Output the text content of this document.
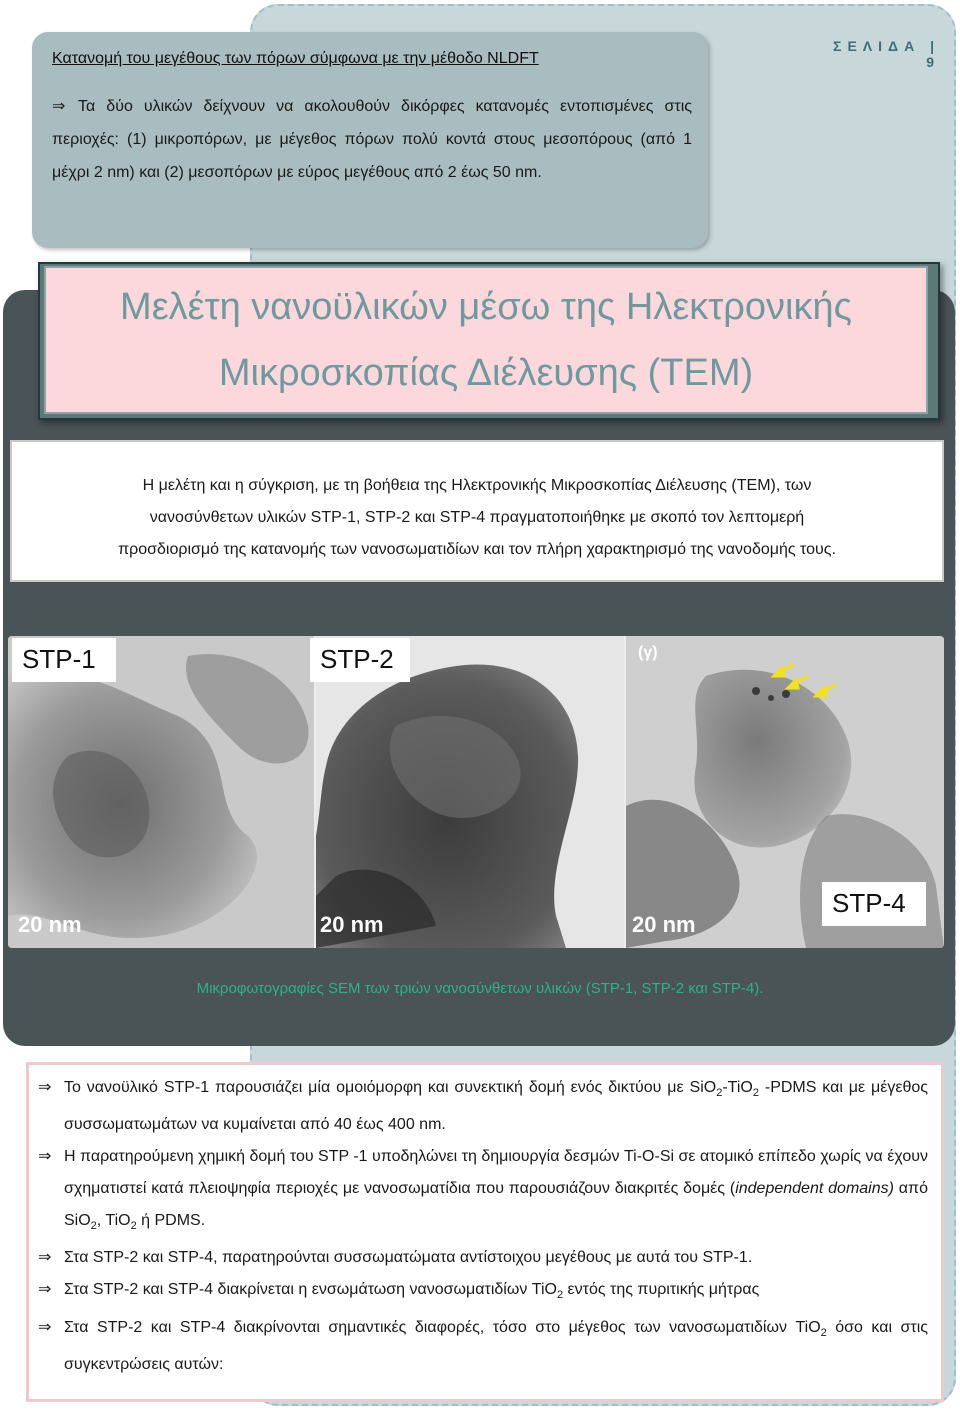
ΣΕΛΙΔΑ | 9
Κατανομή του μεγέθους των πόρων σύμφωνα με την μέθοδο NLDFT
⇒ Τα δύο υλικών δείχνουν να ακολουθούν δικόρφες κατανομές εντοπισμένες στις περιοχές: (1) μικροπόρων, με μέγεθος πόρων πολύ κοντά στους μεσοπόρους (από 1 μέχρι 2 nm) και (2) μεσοπόρων με εύρος μεγέθους από 2 έως 50 nm.
Μελέτη νανοϋλικών μέσω της Ηλεκτρονικής
Μικροσκοπίας Διέλευσης (TEM)
Η μελέτη και η σύγκριση, με τη βοήθεια της Ηλεκτρονικής Μικροσκοπίας Διέλευσης (TEM), των
νανοσύνθετων υλικών STP-1, STP-2 και STP-4 πραγματοποιήθηκε με σκοπό τον λεπτομερή
προσδιορισμό της κατανομής των νανοσωματιδίων και τον πλήρη χαρακτηρισμό της νανοδομής τους.
STP-1	STP-2
STP-4
20 nm	20 nm	20 nm
(γ)
Μικροφωτογραφίες SEM των τριών νανοσύνθετων υλικών (STP-1, STP-2 και STP-4).
⇒ Το νανοϋλικό STP-1 παρουσιάζει μία ομοιόμορφη και συνεκτική δομή ενός δικτύου με SiO$_2$-TiO$_2$ -PDMS και με μέγεθος συσσωματωμάτων να κυμαίνεται από 40 έως 400 nm.
⇒ Η παρατηρούμενη χημική δομή του STP -1 υποδηλώνει τη δημιουργία δεσμών Ti-O-Si σε ατομικό επίπεδο χωρίς να έχουν σχηματιστεί κατά πλειοψηφία περιοχές με νανοσωματίδια που παρουσιάζουν διακριτές δομές (independent domains) από SiO$_2$, TiO$_2$ ή PDMS.
⇒ Στα STP-2 και STP-4, παρατηρούνται συσσωματώματα αντίστοιχου μεγέθους με αυτά του STP-1.
⇒ Στα STP-2 και STP-4 διακρίνεται η ενσωμάτωση νανοσωματιδίων TiO$_2$ εντός της πυριτικής μήτρας
⇒ Στα STP-2 και STP-4 διακρίνονται σημαντικές διαφορές, τόσο στο μέγεθος των νανοσωματιδίων TiO$_2$ όσο και στις συγκεντρώσεις αυτών:
